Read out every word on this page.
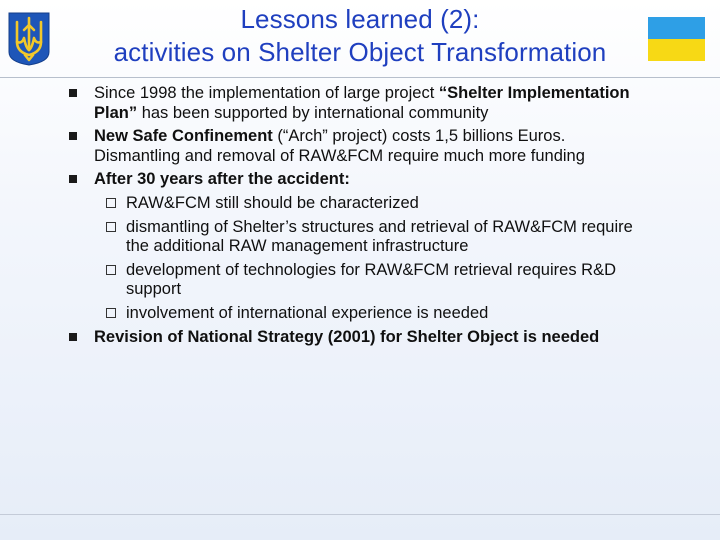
Lessons learned (2):
activities on Shelter Object Transformation
Since 1998 the implementation of large project “Shelter Implementation Plan” has been supported by international community
New Safe Confinement (“Arch” project) costs 1,5 billions Euros. Dismantling and removal of RAW&FCM require much more funding
After 30 years after the accident:
RAW&FCM still should be characterized
dismantling of Shelter’s structures and retrieval of RAW&FCM require the additional RAW management infrastructure
development of technologies for RAW&FCM retrieval requires R&D support
involvement of international experience is needed
Revision of National Strategy (2001) for Shelter Object is needed
